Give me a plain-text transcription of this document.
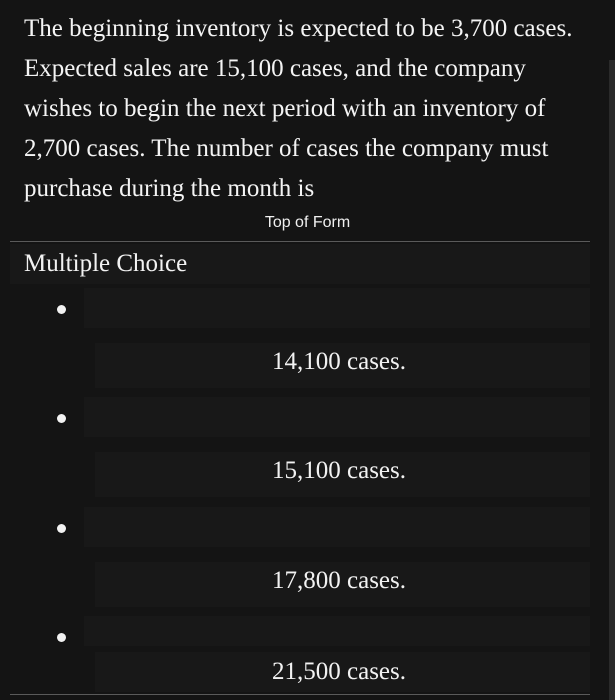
The beginning inventory is expected to be 3,700 cases. Expected sales are 15,100 cases, and the company wishes to begin the next period with an inventory of 2,700 cases. The number of cases the company must purchase during the month is

Top of Form
Multiple Choice
14,100 cases.
15,100 cases.
17,800 cases.
21,500 cases.
